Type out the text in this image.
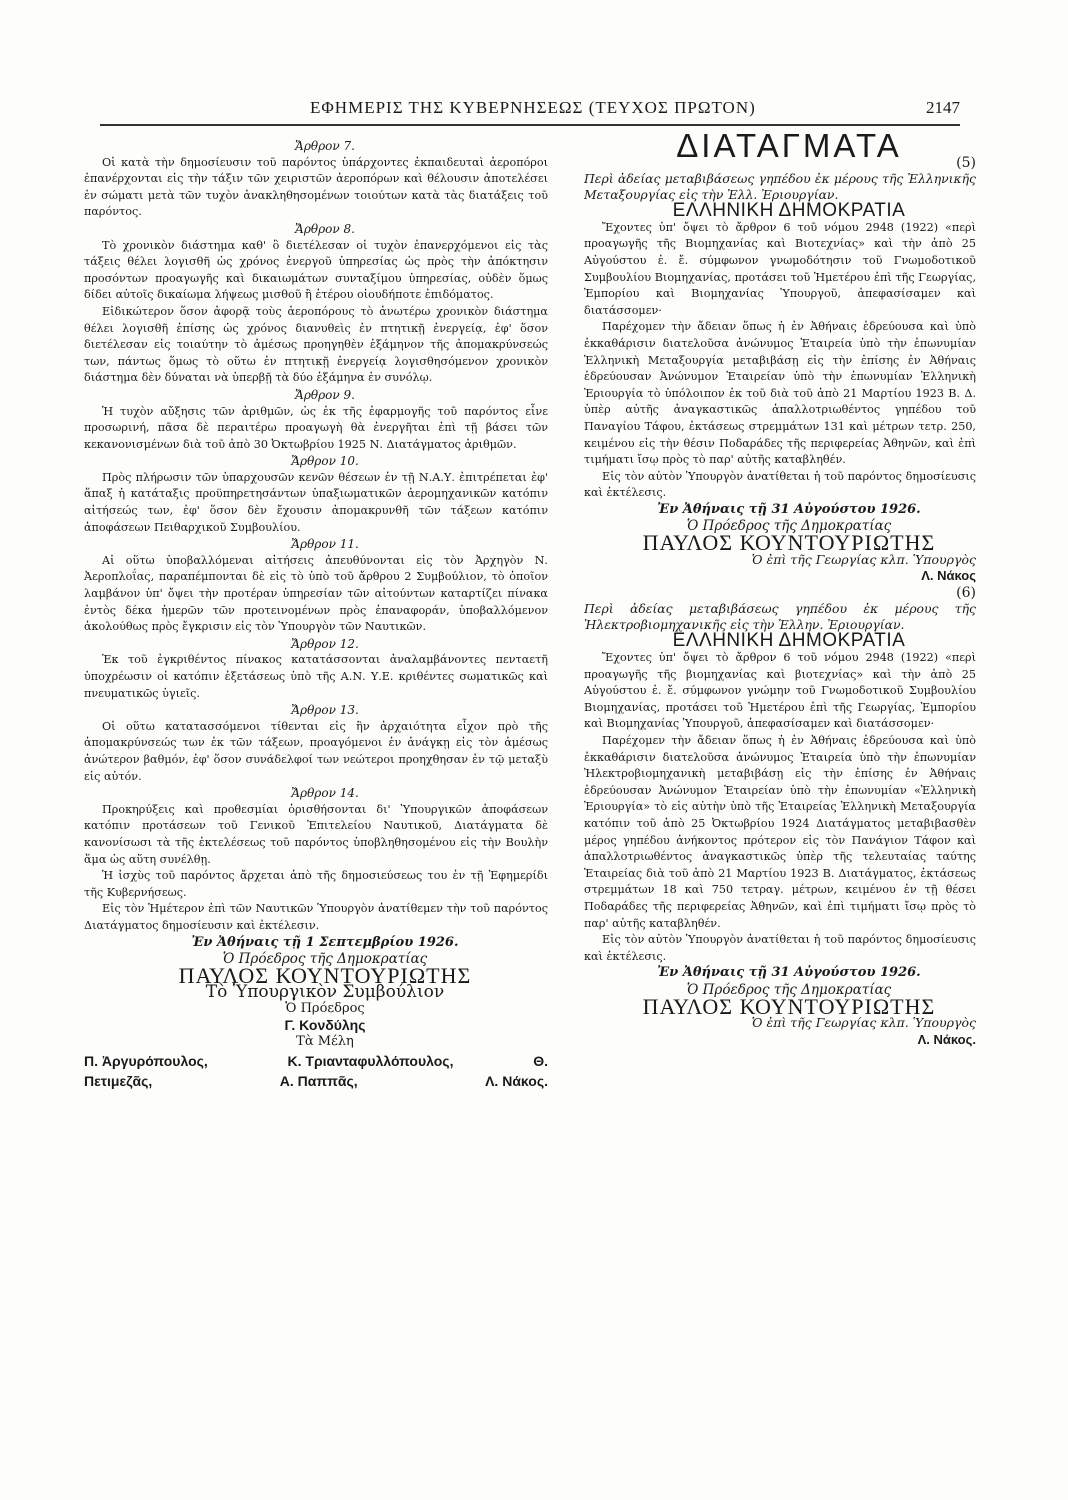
ΕΦΗΜΕΡΙΣ ΤΗΣ ΚΥΒΕΡΝΗΣΕΩΣ (ΤΕΥΧΟΣ ΠΡΩΤΟΝ)	2147

Ἄρθρον 7.

Οἱ κατὰ τὴν δημοσίευσιν τοῦ παρόντος ὑπάρχοντες ἐκπαιδευταὶ ἀεροπόροι ἐπανέρχονται εἰς τὴν τάξιν τῶν χειριστῶν ἀεροπόρων καὶ θέλουσιν ἀποτελέσει ἐν σώματι μετὰ τῶν τυχὸν ἀνακληθησομένων τοιούτων κατὰ τὰς διατάξεις τοῦ παρόντος.

Ἄρθρον 8.

Τὸ χρονικὸν διάστημα καθ' ὃ διετέλεσαν οἱ τυχὸν ἐπανερχόμενοι εἰς τὰς τάξεις θέλει λογισθῆ ὡς χρόνος ἐνεργοῦ ὑπηρεσίας ὡς πρὸς τὴν ἀπόκτησιν προσόντων προαγωγῆς καὶ δικαιωμάτων συνταξίμου ὑπηρεσίας, οὐδὲν ὅμως δίδει αὐτοῖς δικαίωμα λήψεως μισθοῦ ἢ ἑτέρου οἱουδήποτε ἐπιδόματος.

Εἰδικώτερον ὅσον ἀφορᾷ τοὺς ἀεροπόρους τὸ ἀνωτέρω χρονικὸν διάστημα θέλει λογισθῆ ἐπίσης ὡς χρόνος διανυθεὶς ἐν πτητικῇ ἐνεργείᾳ, ἐφ' ὅσον διετέλεσαν εἰς τοιαύτην τὸ ἀμέσως προηγηθὲν ἑξάμηνον τῆς ἀπομακρύνσεώς των, πάντως ὅμως τὸ οὕτω ἐν πτητικῇ ἐνεργείᾳ λογισθησόμενον χρονικὸν διάστημα δὲν δύναται νὰ ὑπερβῇ τὰ δύο ἑξάμηνα ἐν συνόλῳ.

Ἄρθρον 9.

Ἡ τυχὸν αὔξησις τῶν ἀριθμῶν, ὡς ἐκ τῆς ἐφαρμογῆς τοῦ παρόντος εἶνε προσωρινή, πᾶσα δὲ περαιτέρω προαγωγὴ θὰ ἐνεργῆται ἐπὶ τῇ βάσει τῶν κεκανονισμένων διὰ τοῦ ἀπὸ 30 Ὀκτωβρίου 1925 Ν. Διατάγματος ἀριθμῶν.

Ἄρθρον 10.

Πρὸς πλήρωσιν τῶν ὑπαρχουσῶν κενῶν θέσεων ἐν τῇ Ν.Α.Υ. ἐπιτρέπεται ἐφ' ἅπαξ ἡ κατάταξις προϋπηρετησάντων ὑπαξιωματικῶν ἀερομηχανικῶν κατόπιν αἰτήσεώς των, ἐφ' ὅσον δὲν ἔχουσιν ἀπομακρυνθῆ τῶν τάξεων κατόπιν ἀποφάσεων Πειθαρχικοῦ Συμβουλίου.

Ἄρθρον 11.

Αἱ οὕτω ὑποβαλλόμεναι αἰτήσεις ἀπευθύνονται εἰς τὸν Ἀρχηγὸν Ν. Ἀεροπλοΐας, παραπέμπονται δὲ εἰς τὸ ὑπὸ τοῦ ἄρθρου 2 Συμβούλιον, τὸ ὁποῖον λαμβάνον ὑπ' ὄψει τὴν προτέραν ὑπηρεσίαν τῶν αἰτούντων καταρτίζει πίνακα ἐντὸς δέκα ἡμερῶν τῶν προτεινομένων πρὸς ἐπαναφοράν, ὑποβαλλόμενον ἀκολούθως πρὸς ἔγκρισιν εἰς τὸν Ὑπουργὸν τῶν Ναυτικῶν.

Ἄρθρον 12.

Ἐκ τοῦ ἐγκριθέντος πίνακος κατατάσσονται ἀναλαμβάνοντες πενταετῆ ὑποχρέωσιν οἱ κατόπιν ἐξετάσεως ὑπὸ τῆς Α.Ν. Υ.Ε. κριθέντες σωματικῶς καὶ πνευματικῶς ὑγιεῖς.

Ἄρθρον 13.

Οἱ οὕτω κατατασσόμενοι τίθενται εἰς ἣν ἀρχαιότητα εἶχον πρὸ τῆς ἀπομακρύνσεώς των ἐκ τῶν τάξεων, προαγόμενοι ἐν ἀνάγκῃ εἰς τὸν ἀμέσως ἀνώτερον βαθμόν, ἐφ' ὅσον συνάδελφοί των νεώτεροι προηχθησαν ἐν τῷ μεταξὺ εἰς αὐτόν.

Ἄρθρον 14.

Προκηρύξεις καὶ προθεσμίαι ὁρισθήσονται δι' Ὑπουργικῶν ἀποφάσεων κατόπιν προτάσεων τοῦ Γενικοῦ Ἐπιτελείου Ναυτικοῦ, Διατάγματα δὲ κανονίσωσι τὰ τῆς ἐκτελέσεως τοῦ παρόντος ὑποβληθησομένου εἰς τὴν Βουλὴν ἅμα ὡς αὕτη συνέλθῃ.

Ἡ ἰσχὺς τοῦ παρόντος ἄρχεται ἀπὸ τῆς δημοσιεύσεως του ἐν τῇ Ἐφημερίδι τῆς Κυβερνήσεως.

Εἰς τὸν Ἡμέτερον ἐπὶ τῶν Ναυτικῶν Ὑπουργὸν ἀνατίθεμεν τὴν τοῦ παρόντος Διατάγματος δημοσίευσιν καὶ ἐκτέλεσιν.

Ἐν Ἀθήναις τῇ 1 Σεπτεμβρίου 1926.

Ὁ Πρόεδρος τῆς Δημοκρατίας

ΠΑΥΛΟΣ ΚΟΥΝΤΟΥΡΙΩΤΗΣ

Τὸ Ὑπουργικὸν Συμβούλιον

Ὁ Πρόεδρος

Γ. Κονδύλης

Τὰ Μέλη

Π. Ἀργυρόπουλος,	Κ. Τριανταφυλλόπουλος,	Θ.
Πετιμεζᾶς,	Α. Παππᾶς,	Λ. Νάκος.

ΔΙΑΤΑΓΜΑΤΑ	(5)

Περὶ ἀδείας μεταβιβάσεως γηπέδου ἐκ μέρους τῆς Ἑλληνικῆς Μεταξουργίας εἰς τὴν Ἑλλ. Ἐριουργίαν.

ΕΛΛΗΝΙΚΗ ΔΗΜΟΚΡΑΤΙΑ

Ἔχοντες ὑπ' ὄψει τὸ ἄρθρον 6 τοῦ νόμου 2948 (1922) «περὶ προαγωγῆς τῆς Βιομηχανίας καὶ Βιοτεχνίας» καὶ τὴν ἀπὸ 25 Αὐγούστου ἐ. ἔ. σύμφωνον γνωμοδότησιν τοῦ Γνωμοδοτικοῦ Συμβουλίου Βιομηχανίας, προτάσει τοῦ Ἡμετέρου ἐπὶ τῆς Γεωργίας, Ἐμπορίου καὶ Βιομηχανίας Ὑπουργοῦ, ἀπεφασίσαμεν καὶ διατάσσομεν·

Παρέχομεν τὴν ἄδειαν ὅπως ἡ ἐν Ἀθήναις ἑδρεύουσα καὶ ὑπὸ ἐκκαθάρισιν διατελοῦσα ἀνώνυμος Ἑταιρεία ὑπὸ τὴν ἐπωνυμίαν Ἑλληνικὴ Μεταξουργία μεταβιβάσῃ εἰς τὴν ἐπίσης ἐν Ἀθήναις ἑδρεύουσαν Ἀνώνυμον Ἑταιρείαν ὑπὸ τὴν ἐπωνυμίαν Ἑλληνικὴ Ἐριουργία τὸ ὑπόλοιπον ἐκ τοῦ διὰ τοῦ ἀπὸ 21 Μαρτίου 1923 Β. Δ. ὑπὲρ αὐτῆς ἀναγκαστικῶς ἀπαλλοτριωθέντος γηπέδου τοῦ Παναγίου Τάφου, ἐκτάσεως στρεμμάτων 131 καὶ μέτρων τετρ. 250, κειμένου εἰς τὴν θέσιν Ποδαράδες τῆς περιφερείας Ἀθηνῶν, καὶ ἐπὶ τιμήματι ἴσῳ πρὸς τὸ παρ' αὐτῆς καταβληθέν.

Εἰς τὸν αὐτὸν Ὑπουργὸν ἀνατίθεται ἡ τοῦ παρόντος δημοσίευσις καὶ ἐκτέλεσις.

Ἐν Ἀθήναις τῇ 31 Αὐγούστου 1926.

Ὁ Πρόεδρος τῆς Δημοκρατίας

ΠΑΥΛΟΣ ΚΟΥΝΤΟΥΡΙΩΤΗΣ

Ὁ ἐπὶ τῆς Γεωργίας κλπ. Ὑπουργὸς

Λ. Νάκος

(6)

Περὶ ἀδείας μεταβιβάσεως γηπέδου ἐκ μέρους τῆς Ἠλεκτροβιομηχανικῆς εἰς τὴν Ἑλλην. Ἐριουργίαν.

ΕΛΛΗΝΙΚΗ ΔΗΜΟΚΡΑΤΙΑ

Ἔχοντες ὑπ' ὄψει τὸ ἄρθρον 6 τοῦ νόμου 2948 (1922) «περὶ προαγωγῆς τῆς βιομηχανίας καὶ βιοτεχνίας» καὶ τὴν ἀπὸ 25 Αὐγούστου ἐ. ἔ. σύμφωνον γνώμην τοῦ Γνωμοδοτικοῦ Συμβουλίου Βιομηχανίας, προτάσει τοῦ Ἡμετέρου ἐπὶ τῆς Γεωργίας, Ἐμπορίου καὶ Βιομηχανίας Ὑπουργοῦ, ἀπεφασίσαμεν καὶ διατάσσομεν·

Παρέχομεν τὴν ἄδειαν ὅπως ἡ ἐν Ἀθήναις ἑδρεύουσα καὶ ὑπὸ ἐκκαθάρισιν διατελοῦσα ἀνώνυμος Ἑταιρεία ὑπὸ τὴν ἐπωνυμίαν Ἠλεκτροβιομηχανικὴ μεταβιβάσῃ εἰς τὴν ἐπίσης ἐν Ἀθήναις ἑδρεύουσαν Ἀνώνυμον Ἑταιρείαν ὑπὸ τὴν ἐπωνυμίαν «Ἑλληνικὴ Ἐριουργία» τὸ εἰς αὐτὴν ὑπὸ τῆς Ἑταιρείας Ἑλληνικὴ Μεταξουργία κατόπιν τοῦ ἀπὸ 25 Ὀκτωβρίου 1924 Διατάγματος μεταβιβασθὲν μέρος γηπέδου ἀνήκοντος πρότερον εἰς τὸν Πανάγιον Τάφον καὶ ἀπαλλοτριωθέντος ἀναγκαστικῶς ὑπὲρ τῆς τελευταίας ταύτης Ἑταιρείας διὰ τοῦ ἀπὸ 21 Μαρτίου 1923 Β. Διατάγματος, ἐκτάσεως στρεμμάτων 18 καὶ 750 τετραγ. μέτρων, κειμένου ἐν τῇ θέσει Ποδαράδες τῆς περιφερείας Ἀθηνῶν, καὶ ἐπὶ τιμήματι ἴσῳ πρὸς τὸ παρ' αὐτῆς καταβληθέν.

Εἰς τὸν αὐτὸν Ὑπουργὸν ἀνατίθεται ἡ τοῦ παρόντος δημοσίευσις καὶ ἐκτέλεσις.

Ἐν Ἀθήναις τῇ 31 Αὐγούστου 1926.

Ὁ Πρόεδρος τῆς Δημοκρατίας

ΠΑΥΛΟΣ ΚΟΥΝΤΟΥΡΙΩΤΗΣ

Ὁ ἐπὶ τῆς Γεωργίας κλπ. Ὑπουργὸς

Λ. Νάκος.
